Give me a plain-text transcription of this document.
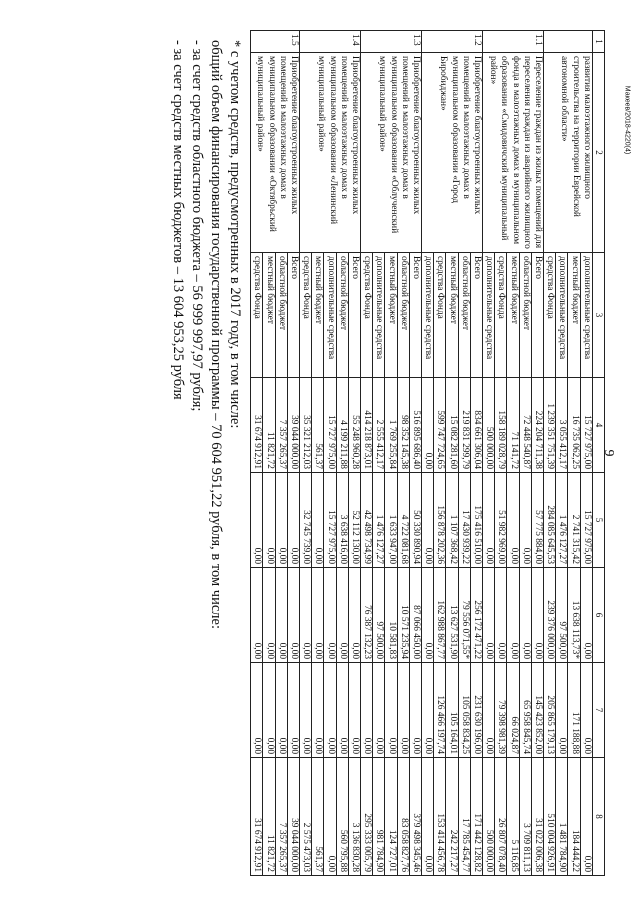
9
Макеев/2018-4220(4)
1	2	3	4	5	6	7	8
	развития малоэтажного жилищного строительства на территории Еврейской автономной области»	дополнительные средства	15 727 975,00	15 727 975,00	0,00	0,00	0,00
		местный бюджет	16 735 062,25	2 741 315,42	13 638 113,73*	171 188,88	184 444,22
		дополнительные средства	3 055 412,17	1 476 127,27	97 500,00	0,00	1 481 784,90
		средства Фонда	1 239 351 751,39	284 085 645,53	239 376 000,00	205 865 179,13	510 004 926,91
1.1	Переселение граждан из жилых помещений для переселения граждан из аварийного жилищного фонда в малоэтажных домах в муниципальном образовании «Смидовичский муниципальный район»	Всего	224 204 711,38	57 775 884,00	0,00	145 423 852,00	31 022 006,38
		областной бюджет	72 448 540,87	0,00	0,00	65 958 845,74	3 709 811,13
		местный бюджет	71 141,72	0,00	0,00	66 024,87	5 116,85
		средства Фонда	158 189 028,79	51 982 969,00	0,00	79 398 981,39	26 807 078,40
		дополнительные средства	500 000,00	0,00	0,00	0,00	500 000,00
1.2	Приобретение благоустроенных жилых помещений в малоэтажных домах в муниципальном образовании «Город Биробиджан»	Всего	834 661 306,04	175 416 510,00	256 172 471,22	231 630 196,00	171 442 128,82
		областной бюджет	219 831 299,79	17 430 939,22	79 556 071,55*	105 058 834,25	17 785 454,77
		местный бюджет	15 082 281,60	1 107 368,42	13 627 531,90	105 164,01	242 217,27
		средства Фонда	599 747 724,65	156 878 202,36	162 988 867,77	126 466 197,74	153 414 456,78
		дополнительные средства	0,00	0,00	0,00	0,00	0,00
1.3	Приобретение благоустроенных жилых помещений в малоэтажных домах в муниципальном образовании «Облученский муниципальный район»	Всего	516 895 686,40	50 330 890,94	87 066 450,00	0,00	379 498 345,46
		областной бюджет	98 352 145,38	4 722 081,68	10 571 235,94	0,00	83 058 827,76
		местный бюджет	1 769 255,84	1 633 947,00	10 581,83	0,00	124 727,01
		дополнительные средства	2 555 412,17	1 476 127,27	97 500,00	0,00	981 784,90
		средства Фонда	414 218 873,01	42 498 734,99	76 387 132,23	0,00	295 333 005,79
1.4	Приобретение благоустроенных жилых помещений в малоэтажных домах в муниципальном образовании «Ленинский муниципальный район»	Всего	55 248 960,28	52 112 130,00	0,00	0,00	3 136 830,28
		областной бюджет	4 199 211,88	3 638 416,00	0,00	0,00	560 795,88
		дополнительные средства	15 727 975,00	15 727 975,00	0,00	0,00	0,00
		местный бюджет	561,37	0,00	0,00	0,00	561,37
		средства Фонда	35 321 212,03	32 745 739,00	0,00	0,00	2 575 473,03
1.5	Приобретение благоустроенных жилых помещений в малоэтажных домах в муниципальном образовании «Октябрьский муниципальный район»	Всего	39 044 000,00	0,00	0,00	0,00	39 044 000,00
		областной бюджет	7 357 265,37	0,00	0,00	0,00	7 357 265,37
		местный бюджет	11 821,72	0,00	0,00	0,00	11 821,72
		средства Фонда	31 674 912,91	0,00	0,00	0,00	31 674 912,91
* с учетом средств, предусмотренных в 2017 году, в том числе:
общий объем финансирования государственной программы – 70 604 951,22 рубля, в том числе:
- за счет средств областного бюджета – 56 999 997,97 рубля;
- за счет средств местных бюджетов – 13 604 953,25 рубля
